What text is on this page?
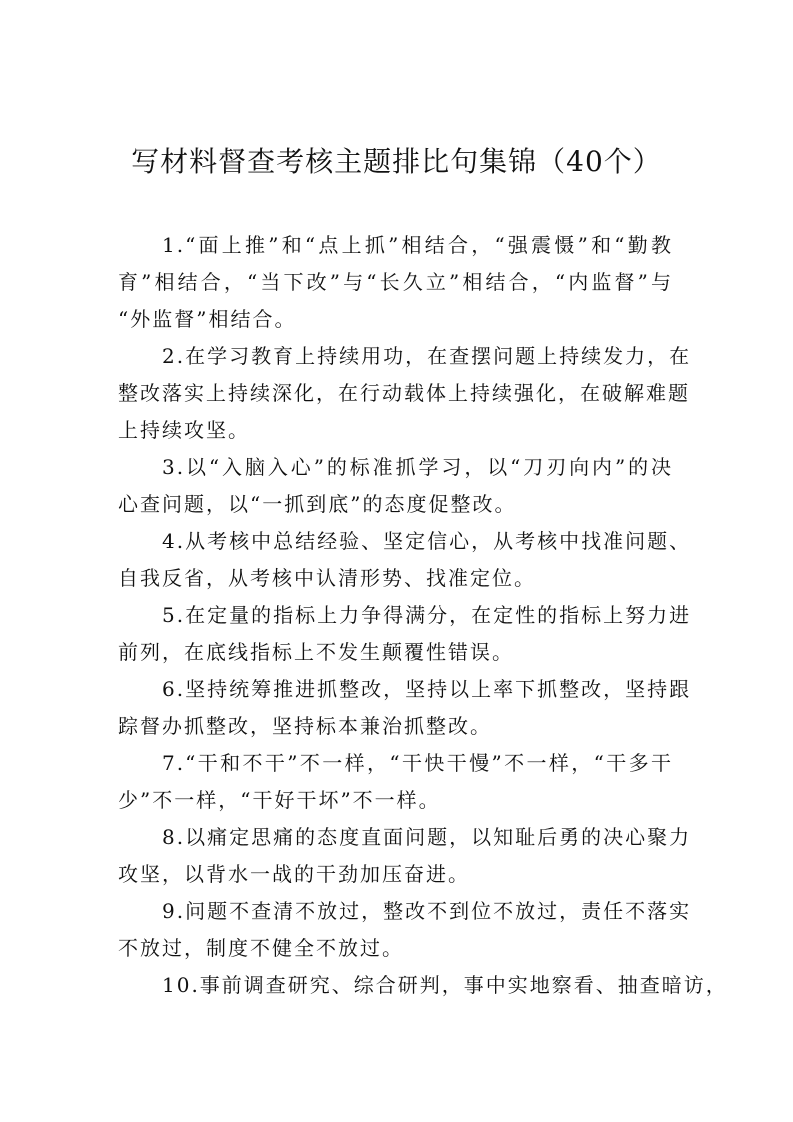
写材料督查考核主题排比句集锦（40个）
1.“面上推”和“点上抓”相结合，“强震慑”和“勤教
育”相结合，“当下改”与“长久立”相结合，“内监督”与
“外监督”相结合。
2.在学习教育上持续用功，在查摆问题上持续发力，在
整改落实上持续深化，在行动载体上持续强化，在破解难题
上持续攻坚。
3.以“入脑入心”的标准抓学习，以“刀刃向内”的决
心查问题，以“一抓到底”的态度促整改。
4.从考核中总结经验、坚定信心，从考核中找准问题、
自我反省，从考核中认清形势、找准定位。
5.在定量的指标上力争得满分，在定性的指标上努力进
前列，在底线指标上不发生颠覆性错误。
6.坚持统筹推进抓整改，坚持以上率下抓整改，坚持跟
踪督办抓整改，坚持标本兼治抓整改。
7.“干和不干”不一样，“干快干慢”不一样，“干多干
少”不一样，“干好干坏”不一样。
8.以痛定思痛的态度直面问题，以知耻后勇的决心聚力
攻坚，以背水一战的干劲加压奋进。
9.问题不查清不放过，整改不到位不放过，责任不落实
不放过，制度不健全不放过。
10.事前调查研究、综合研判，事中实地察看、抽查暗访，
